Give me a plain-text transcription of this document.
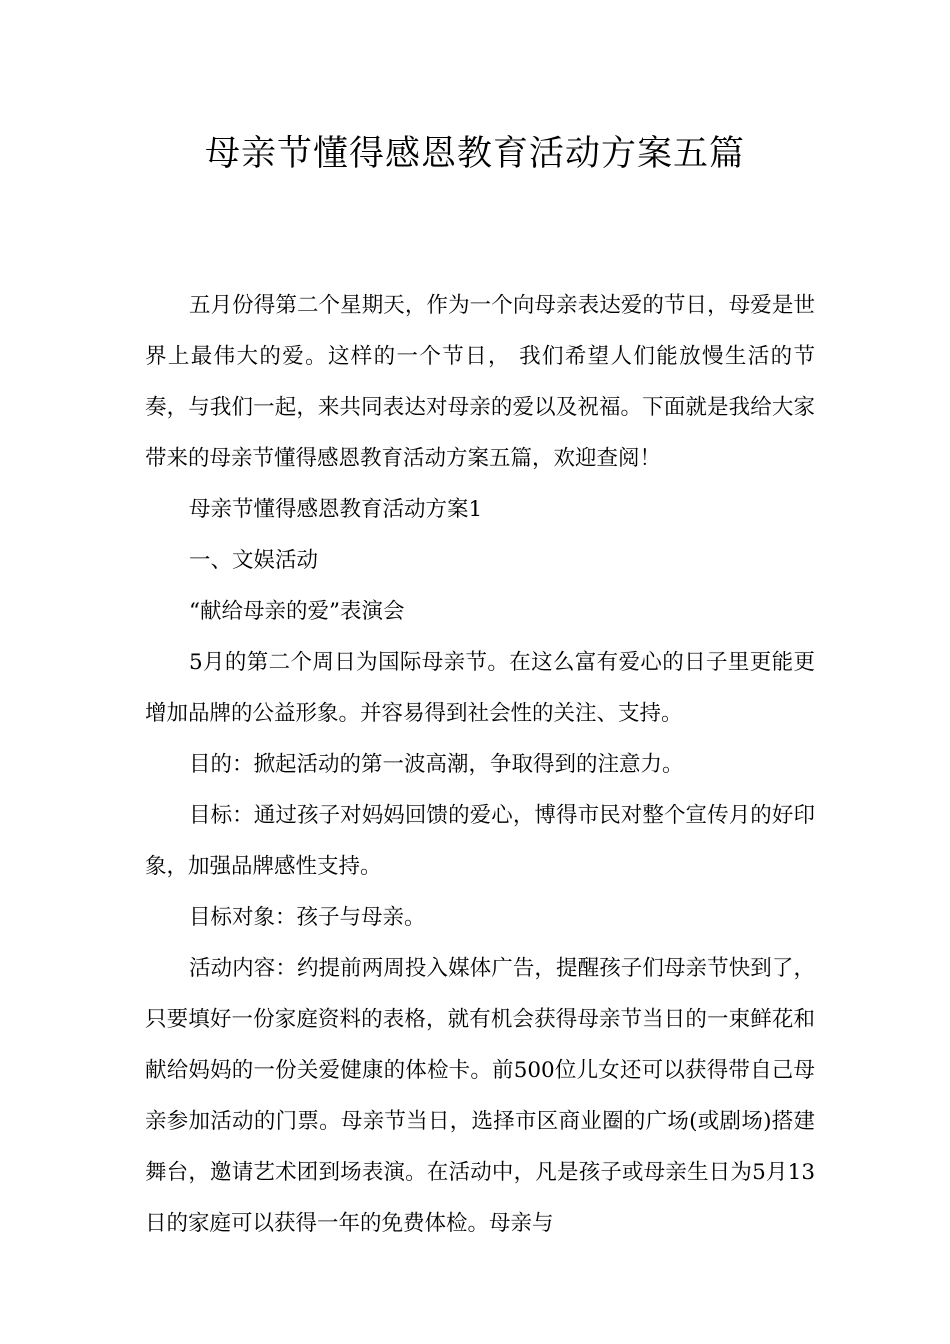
母亲节懂得感恩教育活动方案五篇

五月份得第二个星期天，作为一个向母亲表达爱的节日，母爱是世界上最伟大的爱。这样的一个节日， 我们希望人们能放慢生活的节奏，与我们一起，来共同表达对母亲的爱以及祝福。下面就是我给大家带来的母亲节懂得感恩教育活动方案五篇，欢迎查阅！

母亲节懂得感恩教育活动方案1

一、文娱活动

“献给母亲的爱”表演会

5月的第二个周日为国际母亲节。在这么富有爱心的日子里更能更增加品牌的公益形象。并容易得到社会性的关注、支持。

目的：掀起活动的第一波高潮，争取得到的注意力。

目标：通过孩子对妈妈回馈的爱心，博得市民对整个宣传月的好印象，加强品牌感性支持。

目标对象：孩子与母亲。

活动内容：约提前两周投入媒体广告，提醒孩子们母亲节快到了，只要填好一份家庭资料的表格，就有机会获得母亲节当日的一束鲜花和献给妈妈的一份关爱健康的体检卡。前500位儿女还可以获得带自己母亲参加活动的门票。母亲节当日，选择市区商业圈的广场(或剧场)搭建舞台，邀请艺术团到场表演。在活动中，凡是孩子或母亲生日为5月13日的家庭可以获得一年的免费体检。母亲与
